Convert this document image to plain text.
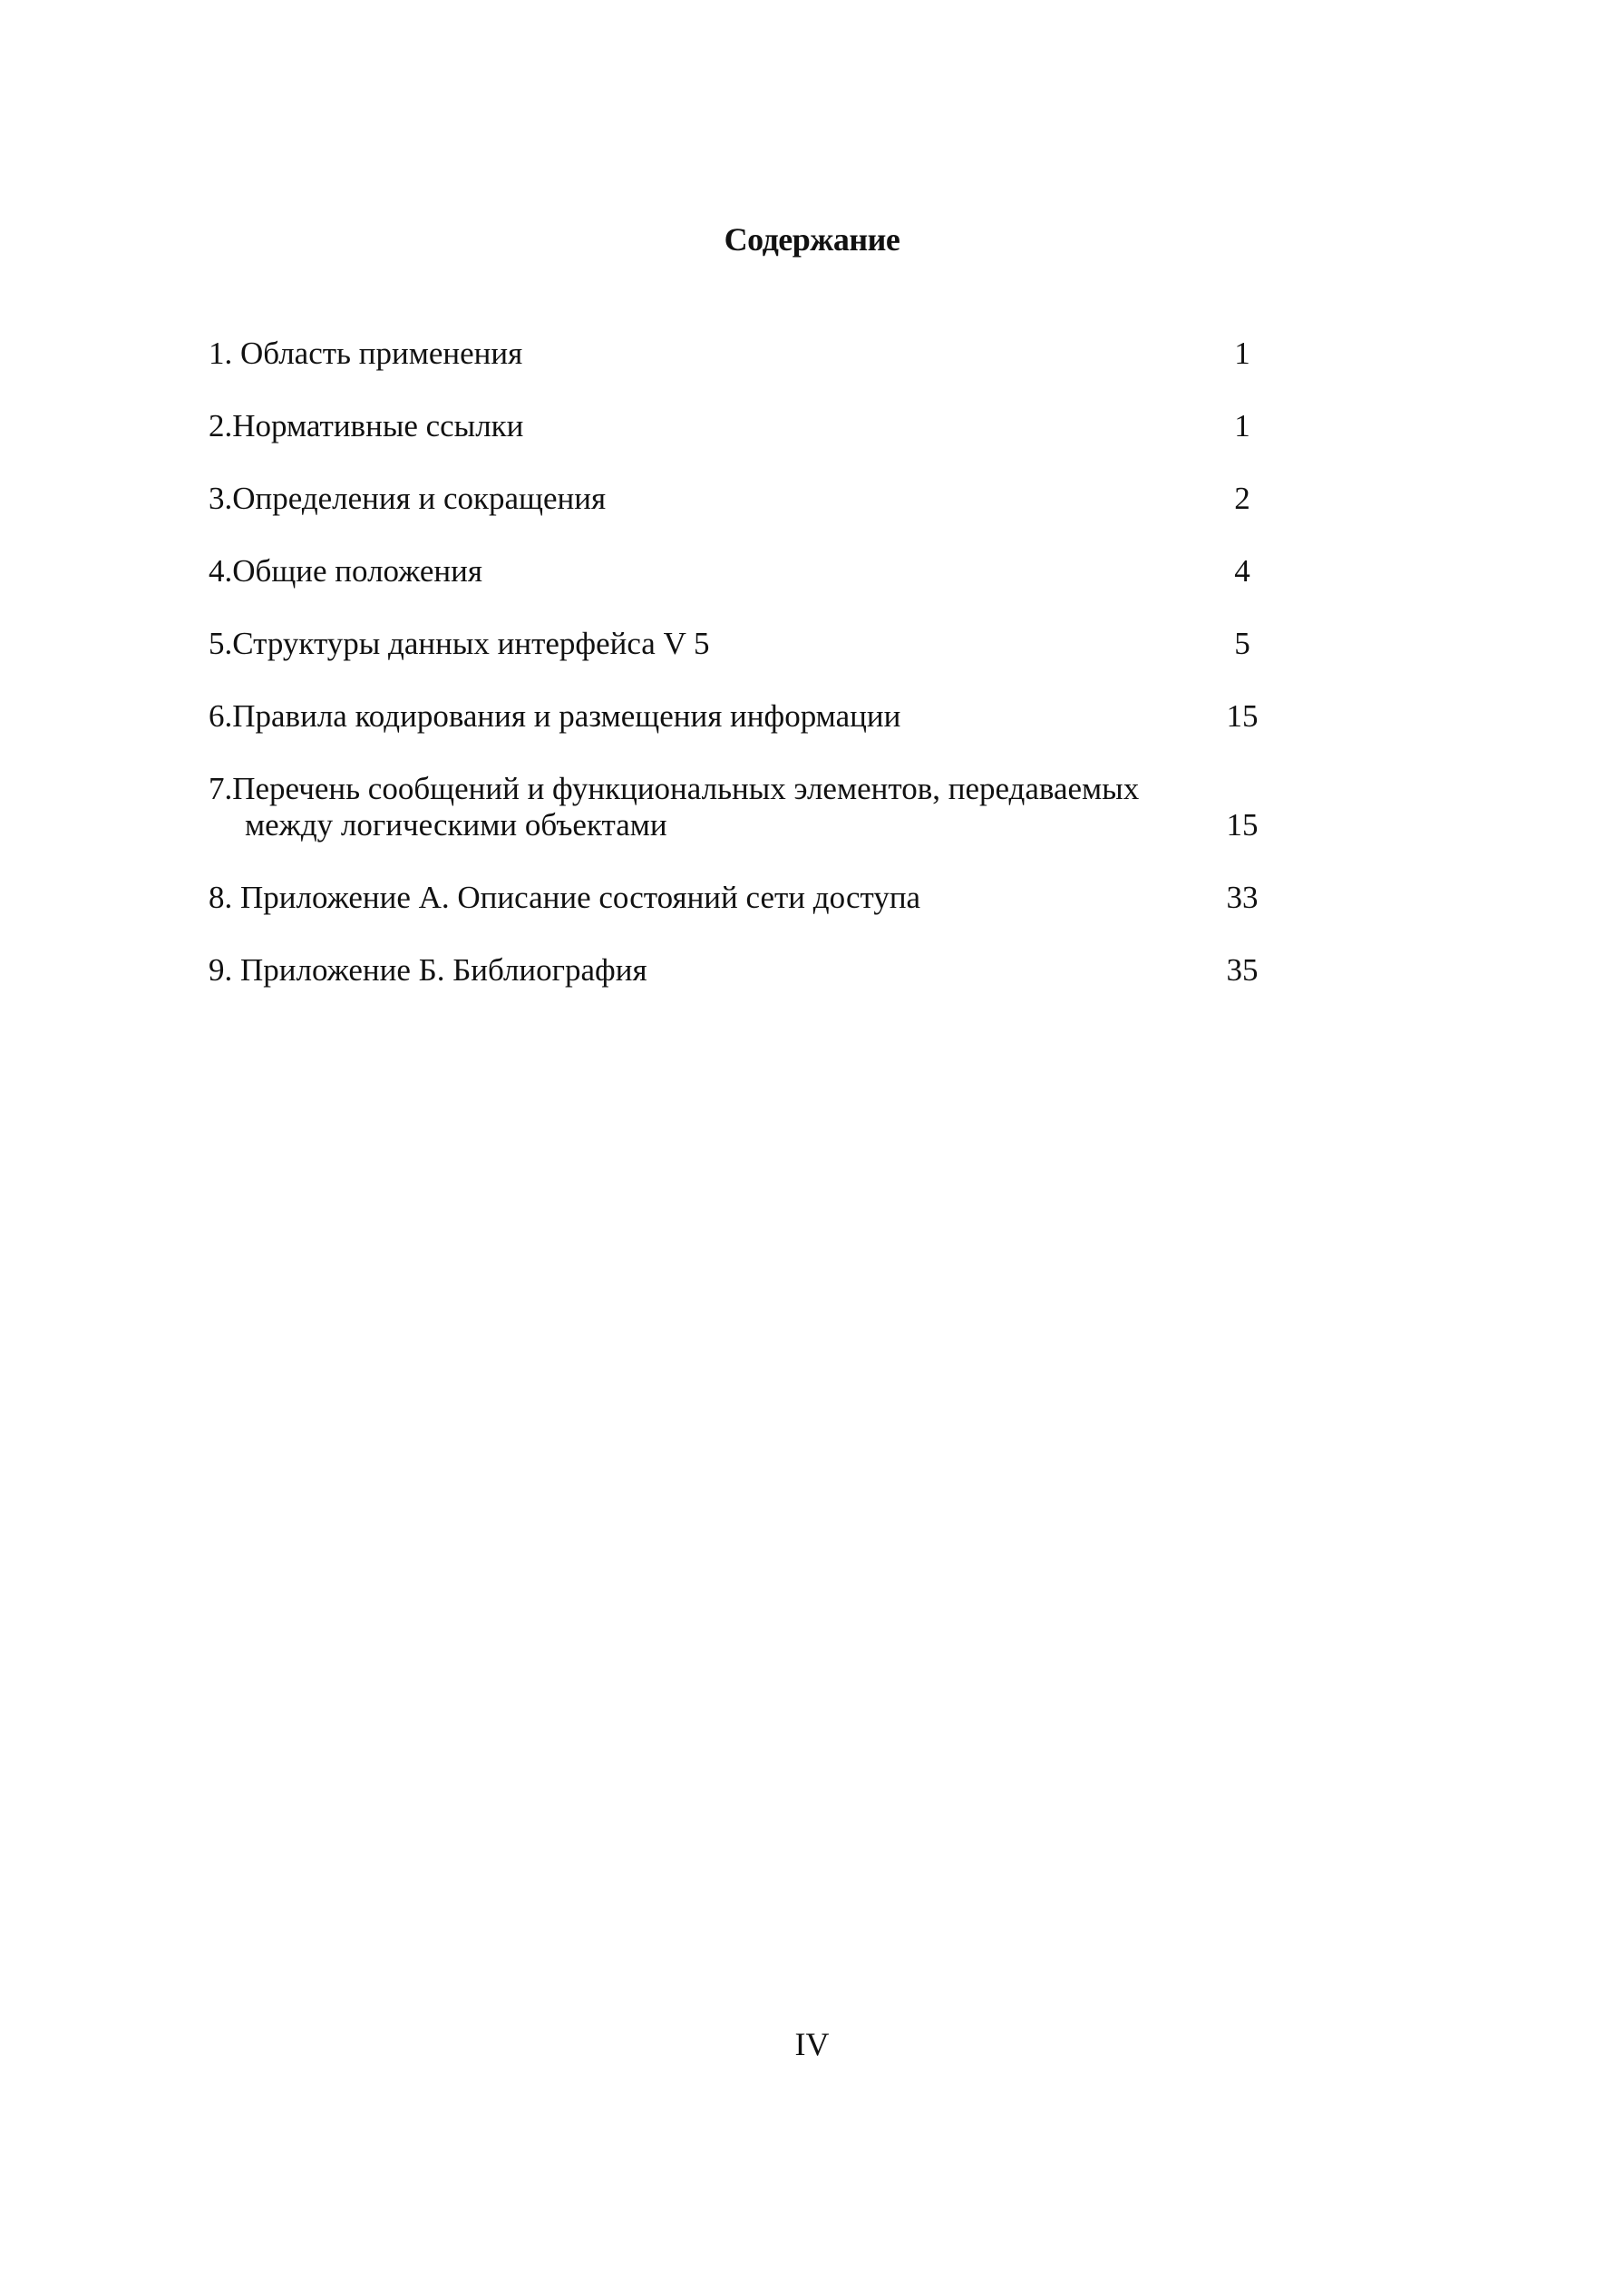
Содержание
1. Область применения	1
2.Нормативные ссылки	1
3.Определения и сокращения	2
4.Общие положения	4
5.Структуры данных интерфейса V 5	5
6.Правила кодирования и размещения информации	15
7.Перечень сообщений и функциональных элементов, передаваемых
между логическими объектами	15
8. Приложение А. Описание состояний сети доступа	33
9. Приложение Б. Библиография	35
IV
